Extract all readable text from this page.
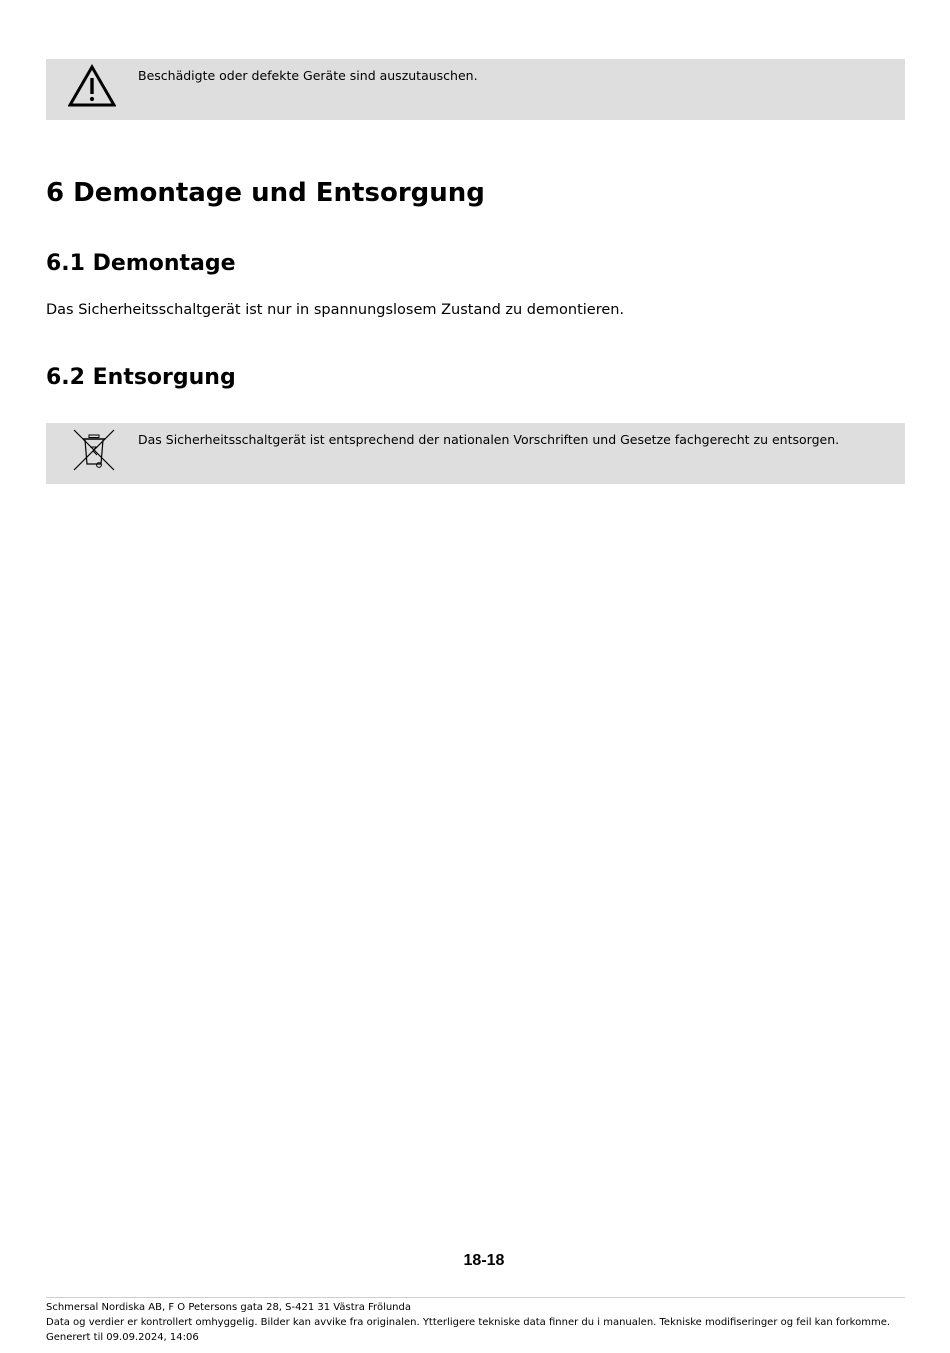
Beschädigte oder defekte Geräte sind auszutauschen.
6 Demontage und Entsorgung
6.1 Demontage

Das Sicherheitsschaltgerät ist nur in spannungslosem Zustand zu demontieren.

6.2 Entsorgung
Das Sicherheitsschaltgerät ist entsprechend der nationalen Vorschriften und Gesetze fachgerecht zu entsorgen.
18-18

Schmersal Nordiska AB, F O Petersons gata 28, S-421 31 Västra Frölunda

Data og verdier er kontrollert omhyggelig. Bilder kan avvike fra originalen. Ytterligere tekniske data finner du i manualen. Tekniske modifiseringer og feil kan forkomme.

Generert til 09.09.2024, 14:06
